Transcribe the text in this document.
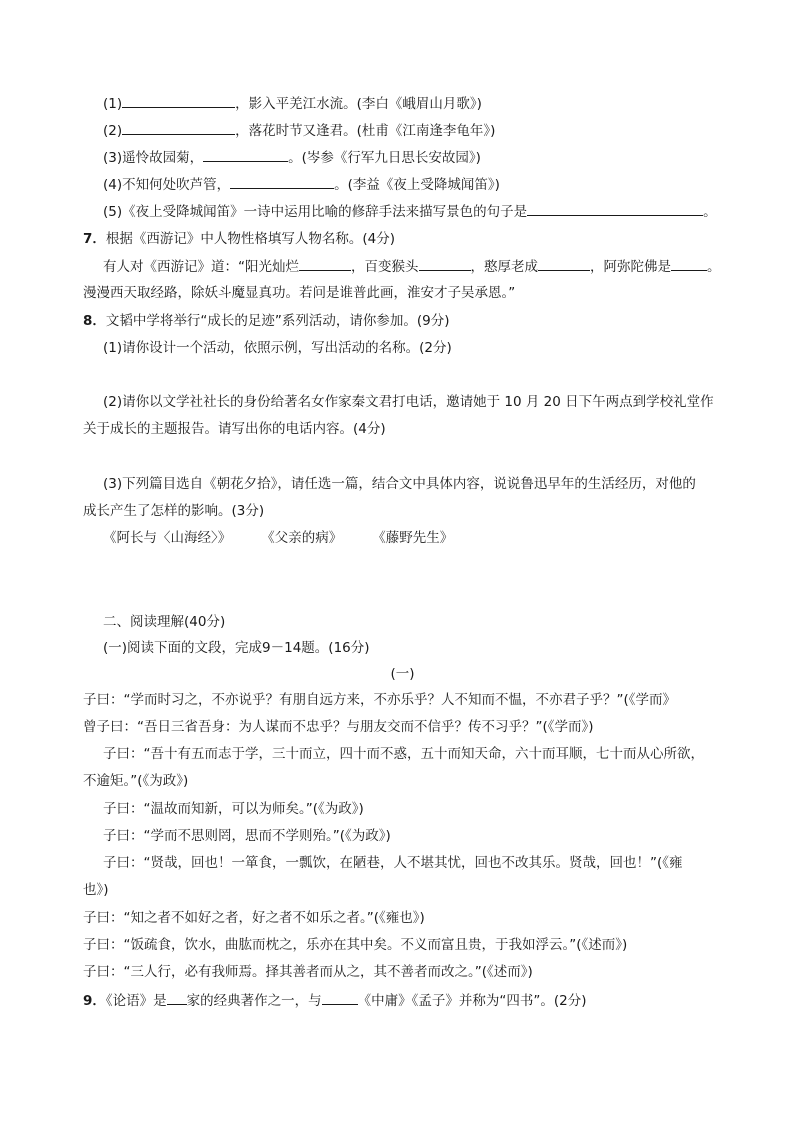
(1)	，影入平羌江水流。(李白《峨眉山月歌》)
(2)	，落花时节又逢君。(杜甫《江南逢李龟年》)
(3)遥怜故园菊，	。(岑参《行军九日思长安故园》)
(4)不知何处吹芦管，	。(李益《夜上受降城闻笛》)
(5)《夜上受降城闻笛》一诗中运用比喻的修辞手法来描写景色的句子是	。
7．根据《西游记》中人物性格填写人物名称。(4分)
有人对《西游记》道：“阳光灿烂	，百变猴头	，憨厚老成	，阿弥陀佛是	。
漫漫西天取经路，除妖斗魔显真功。若问是谁普此画，淮安才子吴承恩。”
8．文韬中学将举行“成长的足迹”系列活动，请你参加。(9分)
(1)请你设计一个活动，依照示例，写出活动的名称。(2分)
(2)请你以文学社社长的身份给著名女作家秦文君打电话，邀请她于 10 月 20 日下午两点到学校礼堂作
关于成长的主题报告。请写出你的电话内容。(4分)
(3)下列篇目选自《朝花夕拾》，请任选一篇，结合文中具体内容，说说鲁迅早年的生活经历，对他的
成长产生了怎样的影响。(3分)
《阿长与〈山海经〉》 《父亲的病》 《藤野先生》
二、阅读理解(40分)
(一)阅读下面的文段，完成9－14题。(16分)
(一)
子曰：“学而时习之，不亦说乎？有朋自远方来，不亦乐乎？人不知而不愠，不亦君子乎？”(《学而》
曾子曰：“吾日三省吾身：为人谋而不忠乎？与朋友交而不信乎？传不习乎？”(《学而》)
子曰：“吾十有五而志于学，三十而立，四十而不惑，五十而知天命，六十而耳顺，七十而从心所欲，
不逾矩。”(《为政》)
子曰：“温故而知新，可以为师矣。”(《为政》)
子曰：“学而不思则罔，思而不学则殆。”(《为政》)
子曰：“贤哉，回也！一箪食，一瓢饮，在陋巷，人不堪其忧，回也不改其乐。贤哉，回也！”(《雍
也》)
子曰：“知之者不如好之者，好之者不如乐之者。”(《雍也》)
子曰：“饭疏食，饮水，曲肱而枕之，乐亦在其中矣。不义而富且贵，于我如浮云。”(《述而》)
子曰：“三人行，必有我师焉。择其善者而从之，其不善者而改之。”(《述而》)
9．《论语》是 家的经典著作之一，与	《中庸》《孟子》并称为“四书”。(2分)
